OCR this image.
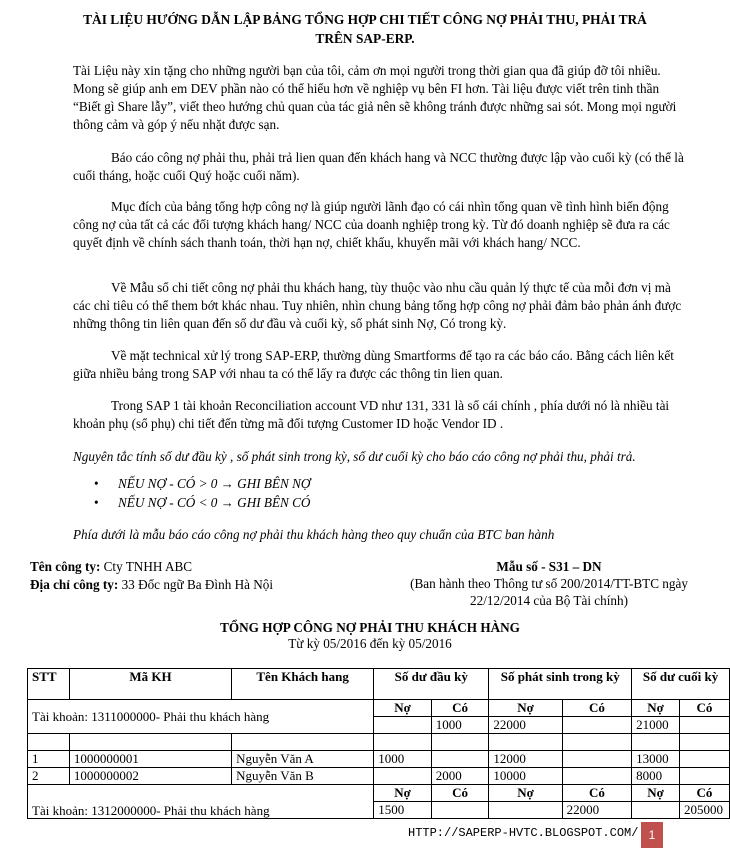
TÀI LIỆU HƯỚNG DẪN LẬP BẢNG TỔNG HỢP CHI TIẾT CÔNG NỢ PHẢI THU, PHẢI TRẢ
TRÊN SAP-ERP.

Tài Liệu này xin tặng cho những người bạn của tôi, cảm ơn mọi người trong thời gian qua đã giúp đỡ tôi nhiều. Mong sẽ giúp anh em DEV phần nào có thể hiểu hơn về nghiệp vụ bên FI hơn. Tài liệu được viết trên tinh thần “Biết gì Share lẫy”, viết theo hướng chủ quan của tác giả nên sẽ không tránh được những sai sót. Mong mọi người thông cảm và góp ý nếu nhặt được sạn.

Báo cáo công nợ phải thu, phải trả lien quan đến khách hang và NCC thường được lập vào cuối kỳ (có thể là cuối tháng, hoặc cuối Quý hoặc cuối năm).

Mục đích của bảng tổng hợp công nợ là giúp người lãnh đạo có cái nhìn tổng quan về tình hình biến động công nợ của tất cả các đối tượng khách hang/ NCC của doanh nghiệp trong kỳ. Từ đó doanh nghiệp sẽ đưa ra các quyết định về chính sách thanh toán, thời hạn nợ, chiết khấu, khuyến mãi với khách hang/ NCC.

Về Mẫu sổ chi tiết công nợ phải thu khách hang, tùy thuộc vào nhu cầu quản lý thực tế của mỗi đơn vị mà các chỉ tiêu có thể them bớt khác nhau. Tuy nhiên, nhìn chung bảng tổng hợp công nợ phải đảm bảo phản ánh được những thông tin liên quan đến số dư đầu và cuối kỳ, số phát sinh Nợ, Có trong kỳ.

Về mặt technical xử lý trong SAP-ERP, thường dùng Smartforms để tạo ra các báo cáo. Bằng cách liên kết giữa nhiều bảng trong SAP với nhau ta có thể lấy ra được các thông tin lien quan.

Trong SAP 1 tài khoản Reconciliation account VD như 131, 331 là sổ cái chính , phía dưới nó là nhiều tài khoản phụ (sổ phụ) chi tiết đến từng mã đối tượng Customer ID hoặc Vendor ID .

Nguyên tắc tính số dư đầu kỳ , số phát sinh trong kỳ, số dư cuối kỳ cho báo cáo công nợ phải thu, phải trả.

• NẾU NỢ - CÓ > 0 → GHI BÊN NỢ
• NẾU NỢ - CÓ < 0 → GHI BÊN CÓ

Phía dưới là mẫu báo cáo công nợ phải thu khách hàng theo quy chuẩn của BTC ban hành

Tên công ty: Cty TNHH ABC
Địa chỉ công ty: 33 Đốc ngữ Ba Đình Hà Nội
Mẫu số - S31 – DN
(Ban hành theo Thông tư số 200/2014/TT-BTC ngày
22/12/2014 của Bộ Tài chính)
TỔNG HỢP CÔNG NỢ PHẢI THU KHÁCH HÀNG
Từ kỳ 05/2016 đến kỳ 05/2016
STT	Mã KH	Tên Khách hang	Số dư đầu kỳ		Số phát sinh trong kỳ		Số dư cuối kỳ	
Tài khoản: 1311000000- Phải thu khách hàng			Nợ	Có	Nợ	Có	Nợ	Có
				1000	22000		21000	

1	1000000001	Nguyễn Văn A	1000		12000		13000	
2	1000000002	Nguyễn Văn B		2000	10000		8000	
Tài khoản: 1312000000- Phải thu khách hàng			Nợ	Có	Nợ	Có	Nợ	Có
			1500			22000		205000
HTTP://SAPERP-HVTC.BLOGSPOT.COM/ 1
